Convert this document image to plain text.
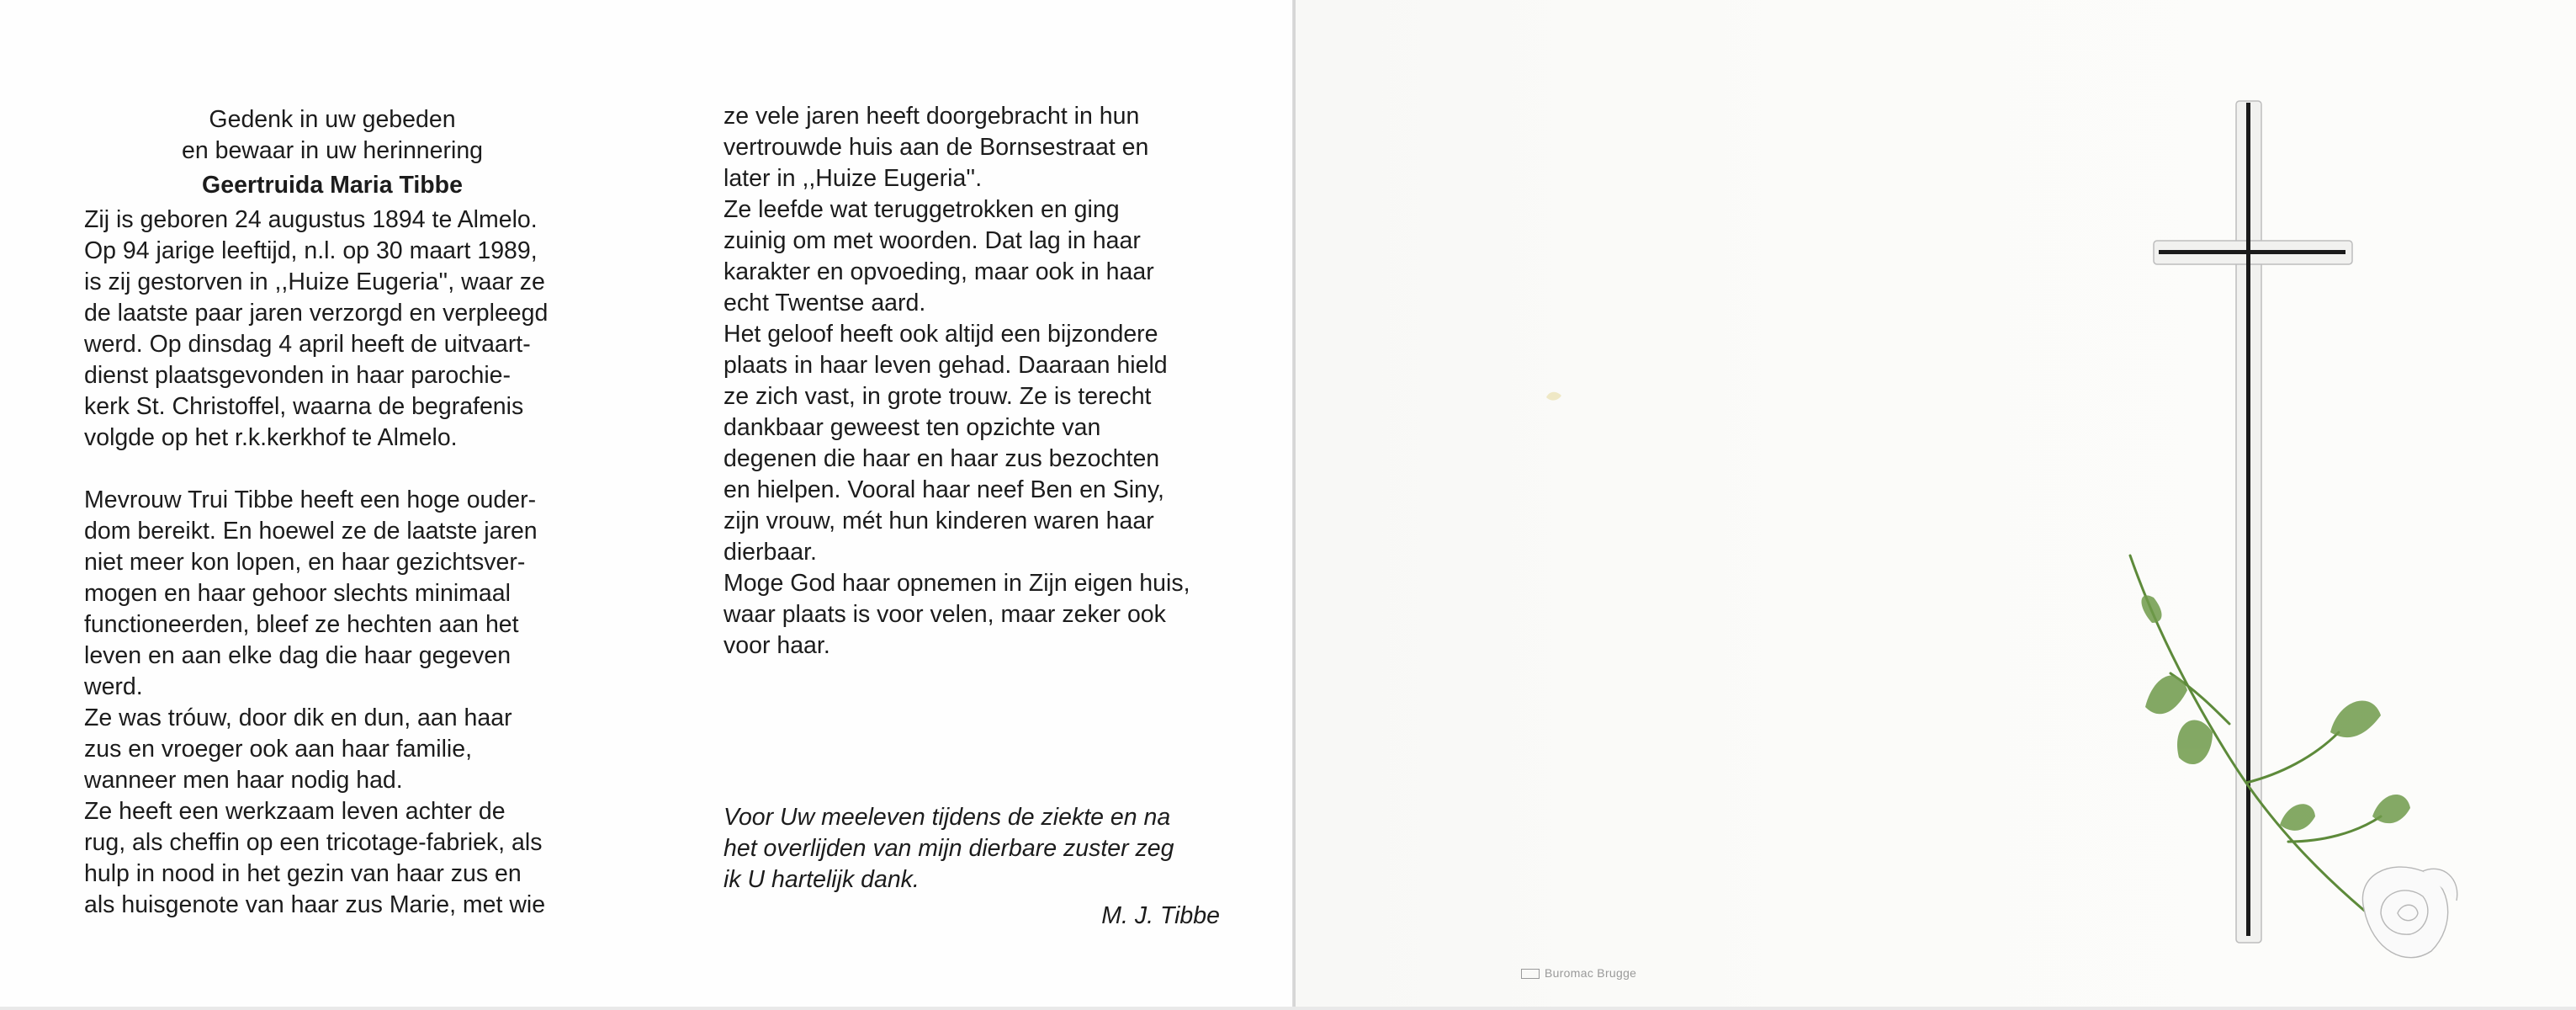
Gedenk in uw gebeden
en bewaar in uw herinnering
Geertruida Maria Tibbe
Zij is geboren 24 augustus 1894 te Almelo.
Op 94 jarige leeftijd, n.l. op 30 maart 1989,
is zij gestorven in ,,Huize Eugeria'', waar ze
de laatste paar jaren verzorgd en verpleegd
werd. Op dinsdag 4 april heeft de uitvaart-
dienst plaatsgevonden in haar parochie-
kerk St. Christoffel, waarna de begrafenis
volgde op het r.k.kerkhof te Almelo.
Mevrouw Trui Tibbe heeft een hoge ouder-
dom bereikt. En hoewel ze de laatste jaren
niet meer kon lopen, en haar gezichtsver-
mogen en haar gehoor slechts minimaal
functioneerden, bleef ze hechten aan het
leven en aan elke dag die haar gegeven
werd.
Ze was tróuw, door dik en dun, aan haar
zus en vroeger ook aan haar familie,
wanneer men haar nodig had.
Ze heeft een werkzaam leven achter de
rug, als cheffin op een tricotage-fabriek, als
hulp in nood in het gezin van haar zus en
als huisgenote van haar zus Marie, met wie
ze vele jaren heeft doorgebracht in hun
vertrouwde huis aan de Bornsestraat en
later in ,,Huize Eugeria''.
Ze leefde wat teruggetrokken en ging
zuinig om met woorden. Dat lag in haar
karakter en opvoeding, maar ook in haar
echt Twentse aard.
Het geloof heeft ook altijd een bijzondere
plaats in haar leven gehad. Daaraan hield
ze zich vast, in grote trouw. Ze is terecht
dankbaar geweest ten opzichte van
degenen die haar en haar zus bezochten
en hielpen. Vooral haar neef Ben en Siny,
zijn vrouw, mét hun kinderen waren haar
dierbaar.
Moge God haar opnemen in Zijn eigen huis,
waar plaats is voor velen, maar zeker ook
voor haar.
Voor Uw meeleven tijdens de ziekte en na
het overlijden van mijn dierbare zuster zeg
ik U hartelijk dank.
M. J. Tibbe
Buromac Brugge
